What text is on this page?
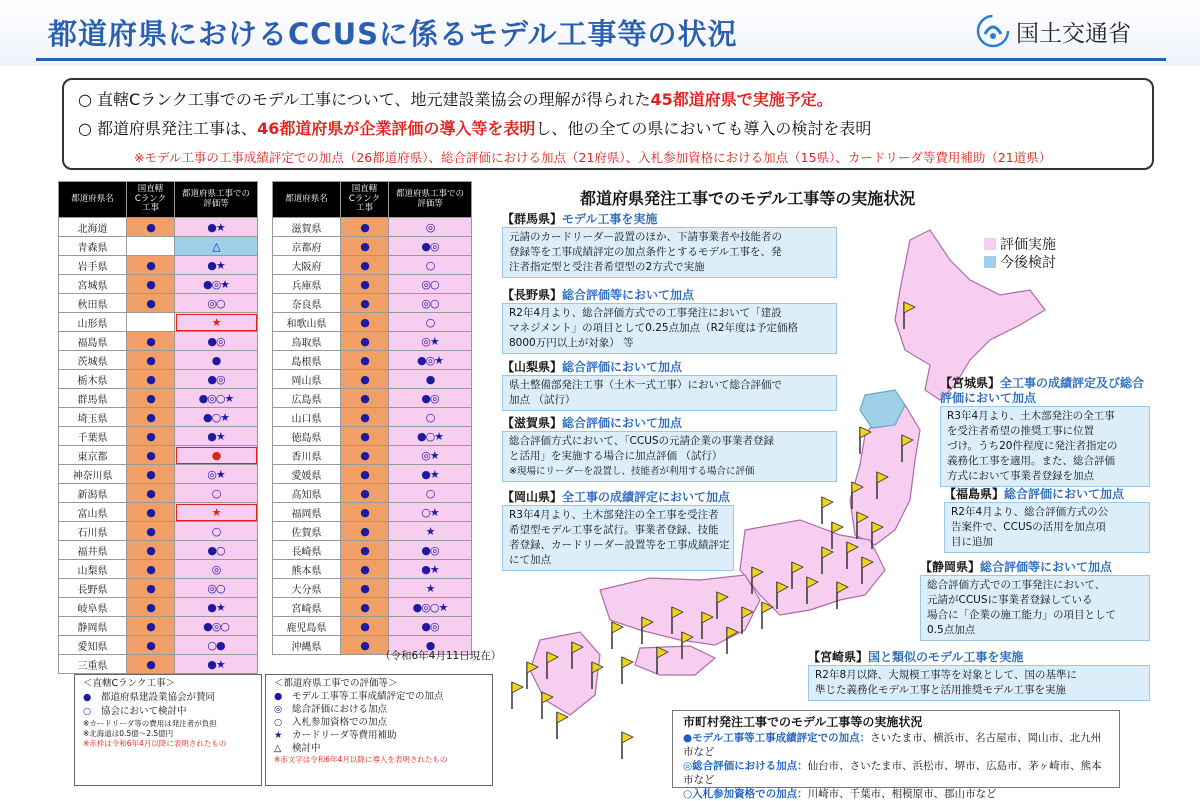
都道府県におけるCCUSに係るモデル工事等の状況	国土交通省
○ 直轄Cランク工事でのモデル工事について、地元建設業協会の理解が得られた45都道府県で実施予定。
○ 都道府県発注工事は、46都道府県が企業評価の導入等を表明し、他の全ての県においても導入の検討を表明
※モデル工事の工事成績評定での加点（26都道府県）、総合評価における加点（21府県）、入札参加資格における加点（15県）、カードリーダ等費用補助（21道県）
都道府県名	国直轄
Cランク
工事	都道府県工事での
評価等
北海道	●	●★
青森県		△
岩手県	●	●★
宮城県	●	●◎★
秋田県	●	◎○
山形県		★
福島県	●	●◎
茨城県	●	●
栃木県	●	●◎
群馬県	●	●◎○★
埼玉県	●	●○★
千葉県	●	●★
東京都	●	●
神奈川県	●	◎★
新潟県	●	○
富山県	●	★
石川県	●	○
福井県	●	●○
山梨県	●	◎
長野県	●	◎○
岐阜県	●	●★
静岡県	●	●◎○
愛知県	●	○●
三重県	●	●★
都道府県名	国直轄
Cランク
工事	都道府県工事での
評価等
滋賀県	●	◎
京都府	●	●◎
大阪府	●	○
兵庫県	●	◎○
奈良県	●	◎○
和歌山県	●	○
鳥取県	●	◎★
島根県	●	●◎★
岡山県	●	●
広島県	●	●◎
山口県	●	○
徳島県	●	●○★
香川県	●	◎★
愛媛県	●	●★
高知県	●	○
福岡県	●	○★
佐賀県	●	★
長崎県	●	●◎
熊本県	●	●★
大分県	●	★
宮崎県	●	●◎○★
鹿児島県	●	●◎
沖縄県	●	●
（令和6年4月11日現在）
＜直轄Cランク工事＞
● 都道府県建設業協会が賛同
○ 協会において検討中
※カードリーダ等の費用は発注者が負担
※北海道は0.5億～2.5億円
※赤枠は令和6年4月以降に表明されたもの
＜都道府県工事での評価等＞
● モデル工事等工事成績評定での加点
◎ 総合評価における加点
○ 入札参加資格での加点
★ カードリーダ等費用補助
△ 検討中
※赤文字は令和6年4月以降に導入を表明されたもの
都道府県発注工事でのモデル工事等の実施状況
評価実施
今後検討
【群馬県】モデル工事を実施
元請のカードリーダー設置のほか、下請事業者や技能者の
登録等を工事成績評定の加点条件とするモデル工事を、発
注者指定型と受注者希望型の2方式で実施
【長野県】総合評価等において加点
R2年4月より、総合評価方式での工事発注において「建設
マネジメント」の項目として0.25点加点（R2年度は予定価格
8000万円以上が対象） 等
【山梨県】総合評価において加点
県土整備部発注工事（土木一式工事）において総合評価で
加点 （試行）
【滋賀県】総合評価において加点
総合評価方式において、「CCUSの元請企業の事業者登録
と活用」を実施する場合に加点評価 （試行）
※現場にリーダーを設置し、技能者が利用する場合に評価
【岡山県】全工事の成績評定において加点
R3年4月より、土木部発注の全工事を受注者
希望型モデル工事を試行。事業者登録、技能
者登録、カードリーダー設置等を工事成績評定
にて加点
【宮城県】全工事の成績評定及び総合評価において加点
R3年4月より、土木部発注の全工事
を受注者希望の推奨工事に位置
づけ。うち20件程度に発注者指定の
義務化工事を適用。また、総合評価
方式において事業者登録を加点
【福島県】総合評価において加点
R2年4月より、総合評価方式の公
告案件で、CCUSの活用を加点項
目に追加
【静岡県】総合評価等において加点
総合評価方式での工事発注において、
元請がCCUSに事業者登録している
場合に「企業の施工能力」の項目として
0.5点加点
【宮崎県】国と類似のモデル工事を実施
R2年8月以降、大規模工事等を対象として、国の基準に
準じた義務化モデル工事と活用推奨モデル工事を実施
市町村発注工事でのモデル工事等の実施状況
●モデル工事等工事成績評定での加点：さいたま市、横浜市、名古屋市、岡山市、北九州市など
◎総合評価における加点：仙台市、さいたま市、浜松市、堺市、広島市、茅ヶ崎市、熊本市など
○入札参加資格での加点：川崎市、千葉市、相模原市、郡山市など
